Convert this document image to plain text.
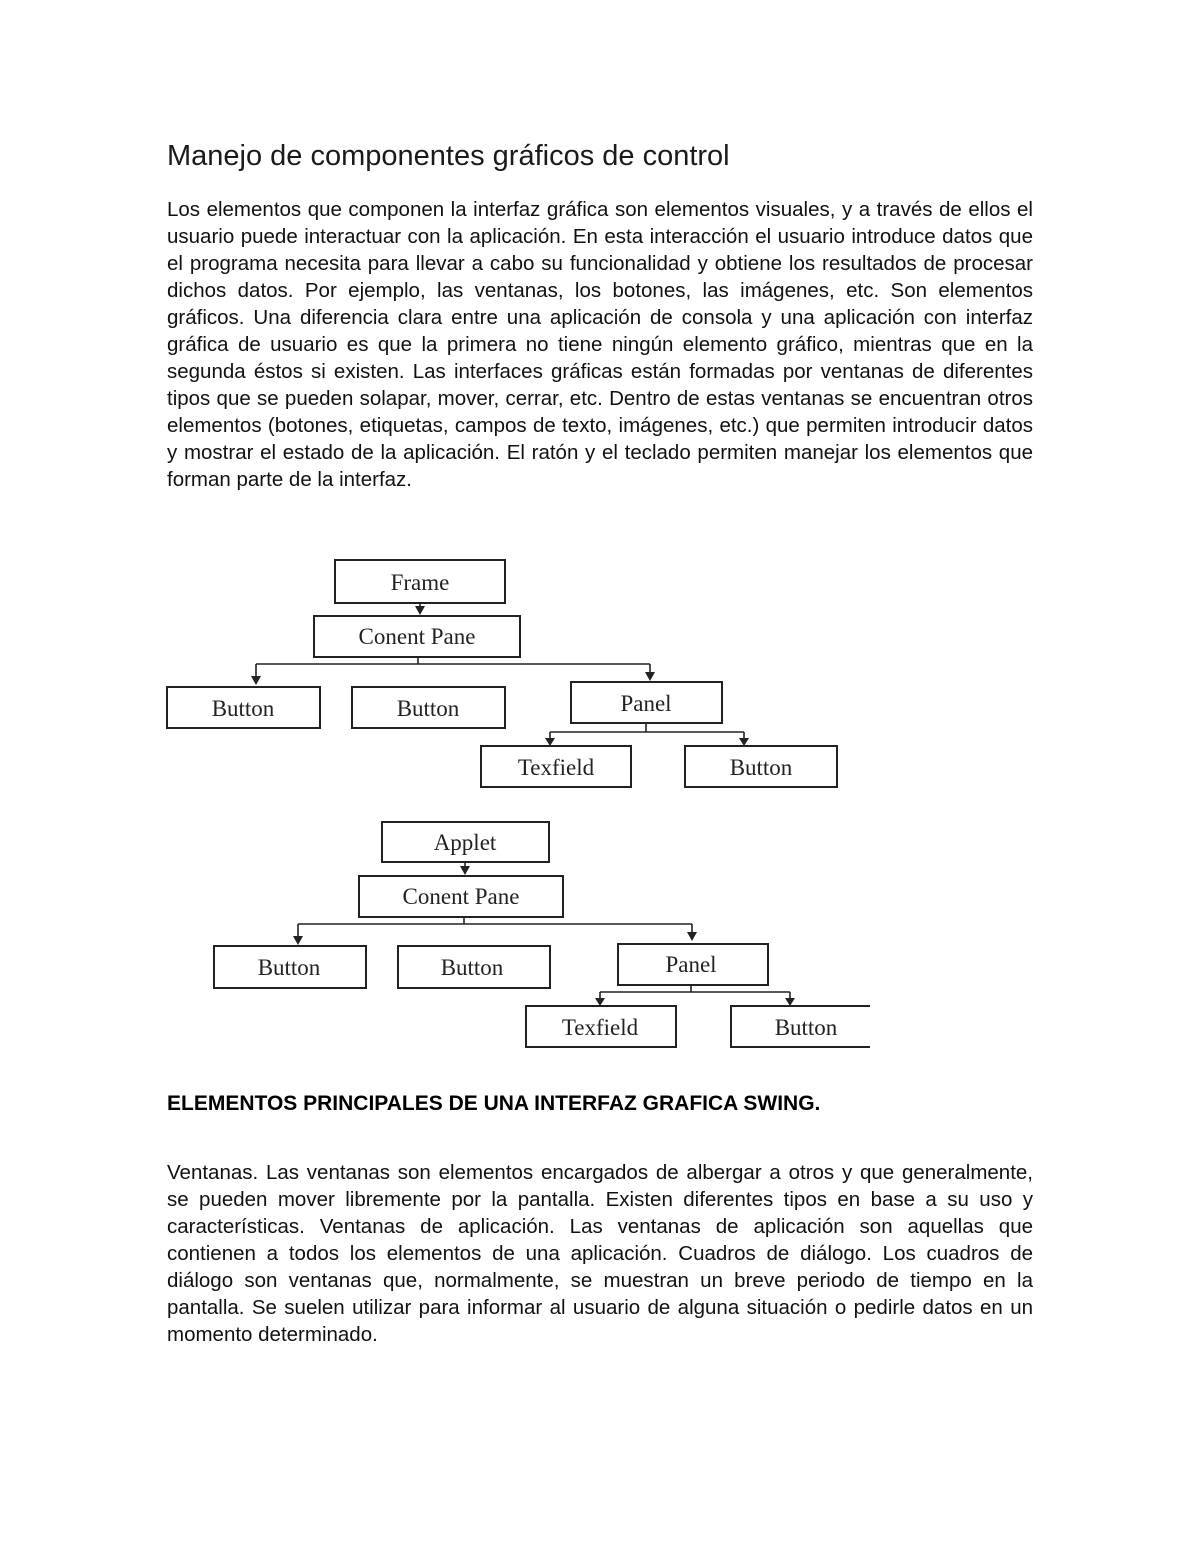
Manejo de componentes gráficos de control

Los elementos que componen la interfaz gráfica son elementos visuales, y a través de ellos el usuario puede interactuar con la aplicación. En esta interacción el usuario introduce datos que el programa necesita para llevar a cabo su funcionalidad y obtiene los resultados de procesar dichos datos. Por ejemplo, las ventanas, los botones, las imágenes, etc. Son elementos gráficos. Una diferencia clara entre una aplicación de consola y una aplicación con interfaz gráfica de usuario es que la primera no tiene ningún elemento gráfico, mientras que en la segunda éstos si existen. Las interfaces gráficas están formadas por ventanas de diferentes tipos que se pueden solapar, mover, cerrar, etc. Dentro de estas ventanas se encuentran otros elementos (botones, etiquetas, campos de texto, imágenes, etc.) que permiten introducir datos y mostrar el estado de la aplicación. El ratón y el teclado permiten manejar los elementos que forman parte de la interfaz.

Frame
Conent Pane
Button	Button	Panel
Texfield	Button
Applet
Conent Pane
Button	Button	Panel
Texfield	Button
ELEMENTOS PRINCIPALES DE UNA INTERFAZ GRAFICA SWING.

Ventanas. Las ventanas son elementos encargados de albergar a otros y que generalmente, se pueden mover libremente por la pantalla. Existen diferentes tipos en base a su uso y características. Ventanas de aplicación. Las ventanas de aplicación son aquellas que contienen a todos los elementos de una aplicación. Cuadros de diálogo. Los cuadros de diálogo son ventanas que, normalmente, se muestran un breve periodo de tiempo en la pantalla. Se suelen utilizar para informar al usuario de alguna situación o pedirle datos en un momento determinado.
